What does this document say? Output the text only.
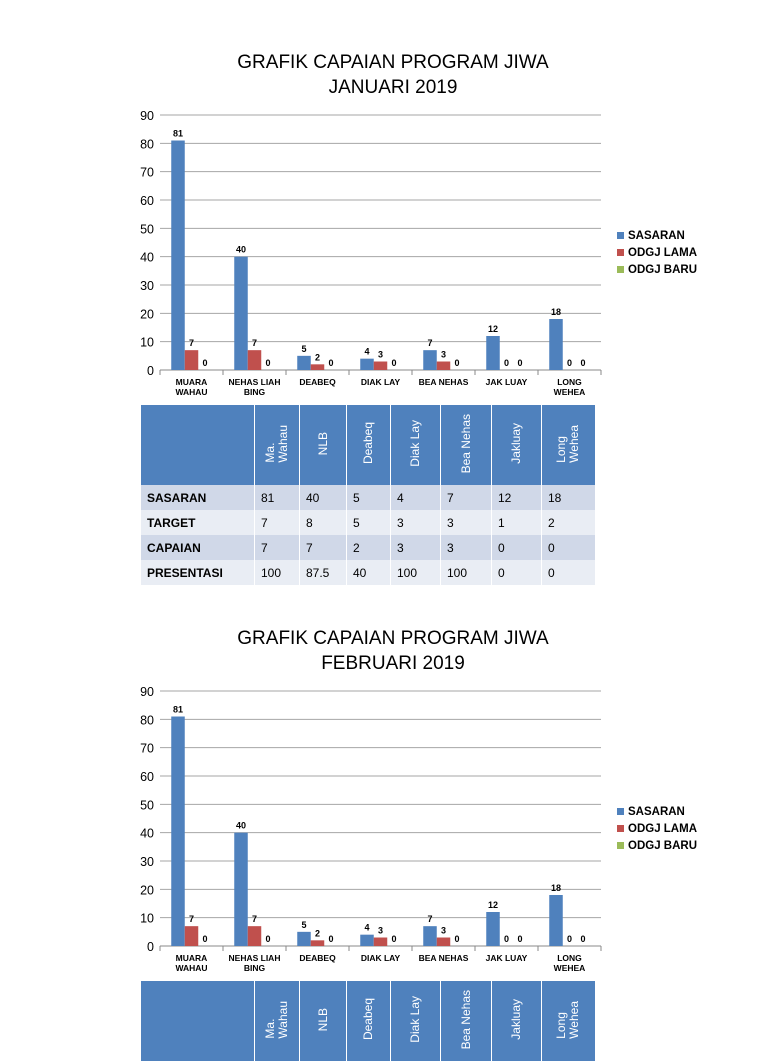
GRAFIK CAPAIAN PROGRAM JIWA
JANUARI 2019
0
10
20
30
40
50
60
70
80
90
81
7
0
MUARA
WAHAU
40
7
0
NEHAS LIAH
BING
5
2
0
DEABEQ
4 3
0
DIAK LAY
7
3
0
BEA NEHAS
12
0 0
JAK LUAY
18
0 0
LONG
WEHEA
SASARAN
ODGJ LAMA
ODGJ BARU
	Ma.
Wahau	NLB	Deabeq	Diak Lay	Bea Nehas	Jakluay	Long
Wehea
SASARAN	81	40	5	4	7	12	18
TARGET	7	8	5	3	3	1	2
CAPAIAN	7	7	2	3	3	0	0
PRESENTASI	100	87.5	40	100	100	0	0
GRAFIK CAPAIAN PROGRAM JIWA
FEBRUARI 2019
0
10
20
30
40
50
60
70
80
90
81
7
0
MUARA
WAHAU
40
7
0
NEHAS LIAH
BING
5
2
0
DEABEQ
4 3
0
DIAK LAY
7
3
0
BEA NEHAS
12
0 0
JAK LUAY
18
0 0
LONG
WEHEA
SASARAN
ODGJ LAMA
ODGJ BARU
	Ma.
Wahau	NLB	Deabeq	Diak Lay	Bea Nehas	Jakluay	Long
Wehea
